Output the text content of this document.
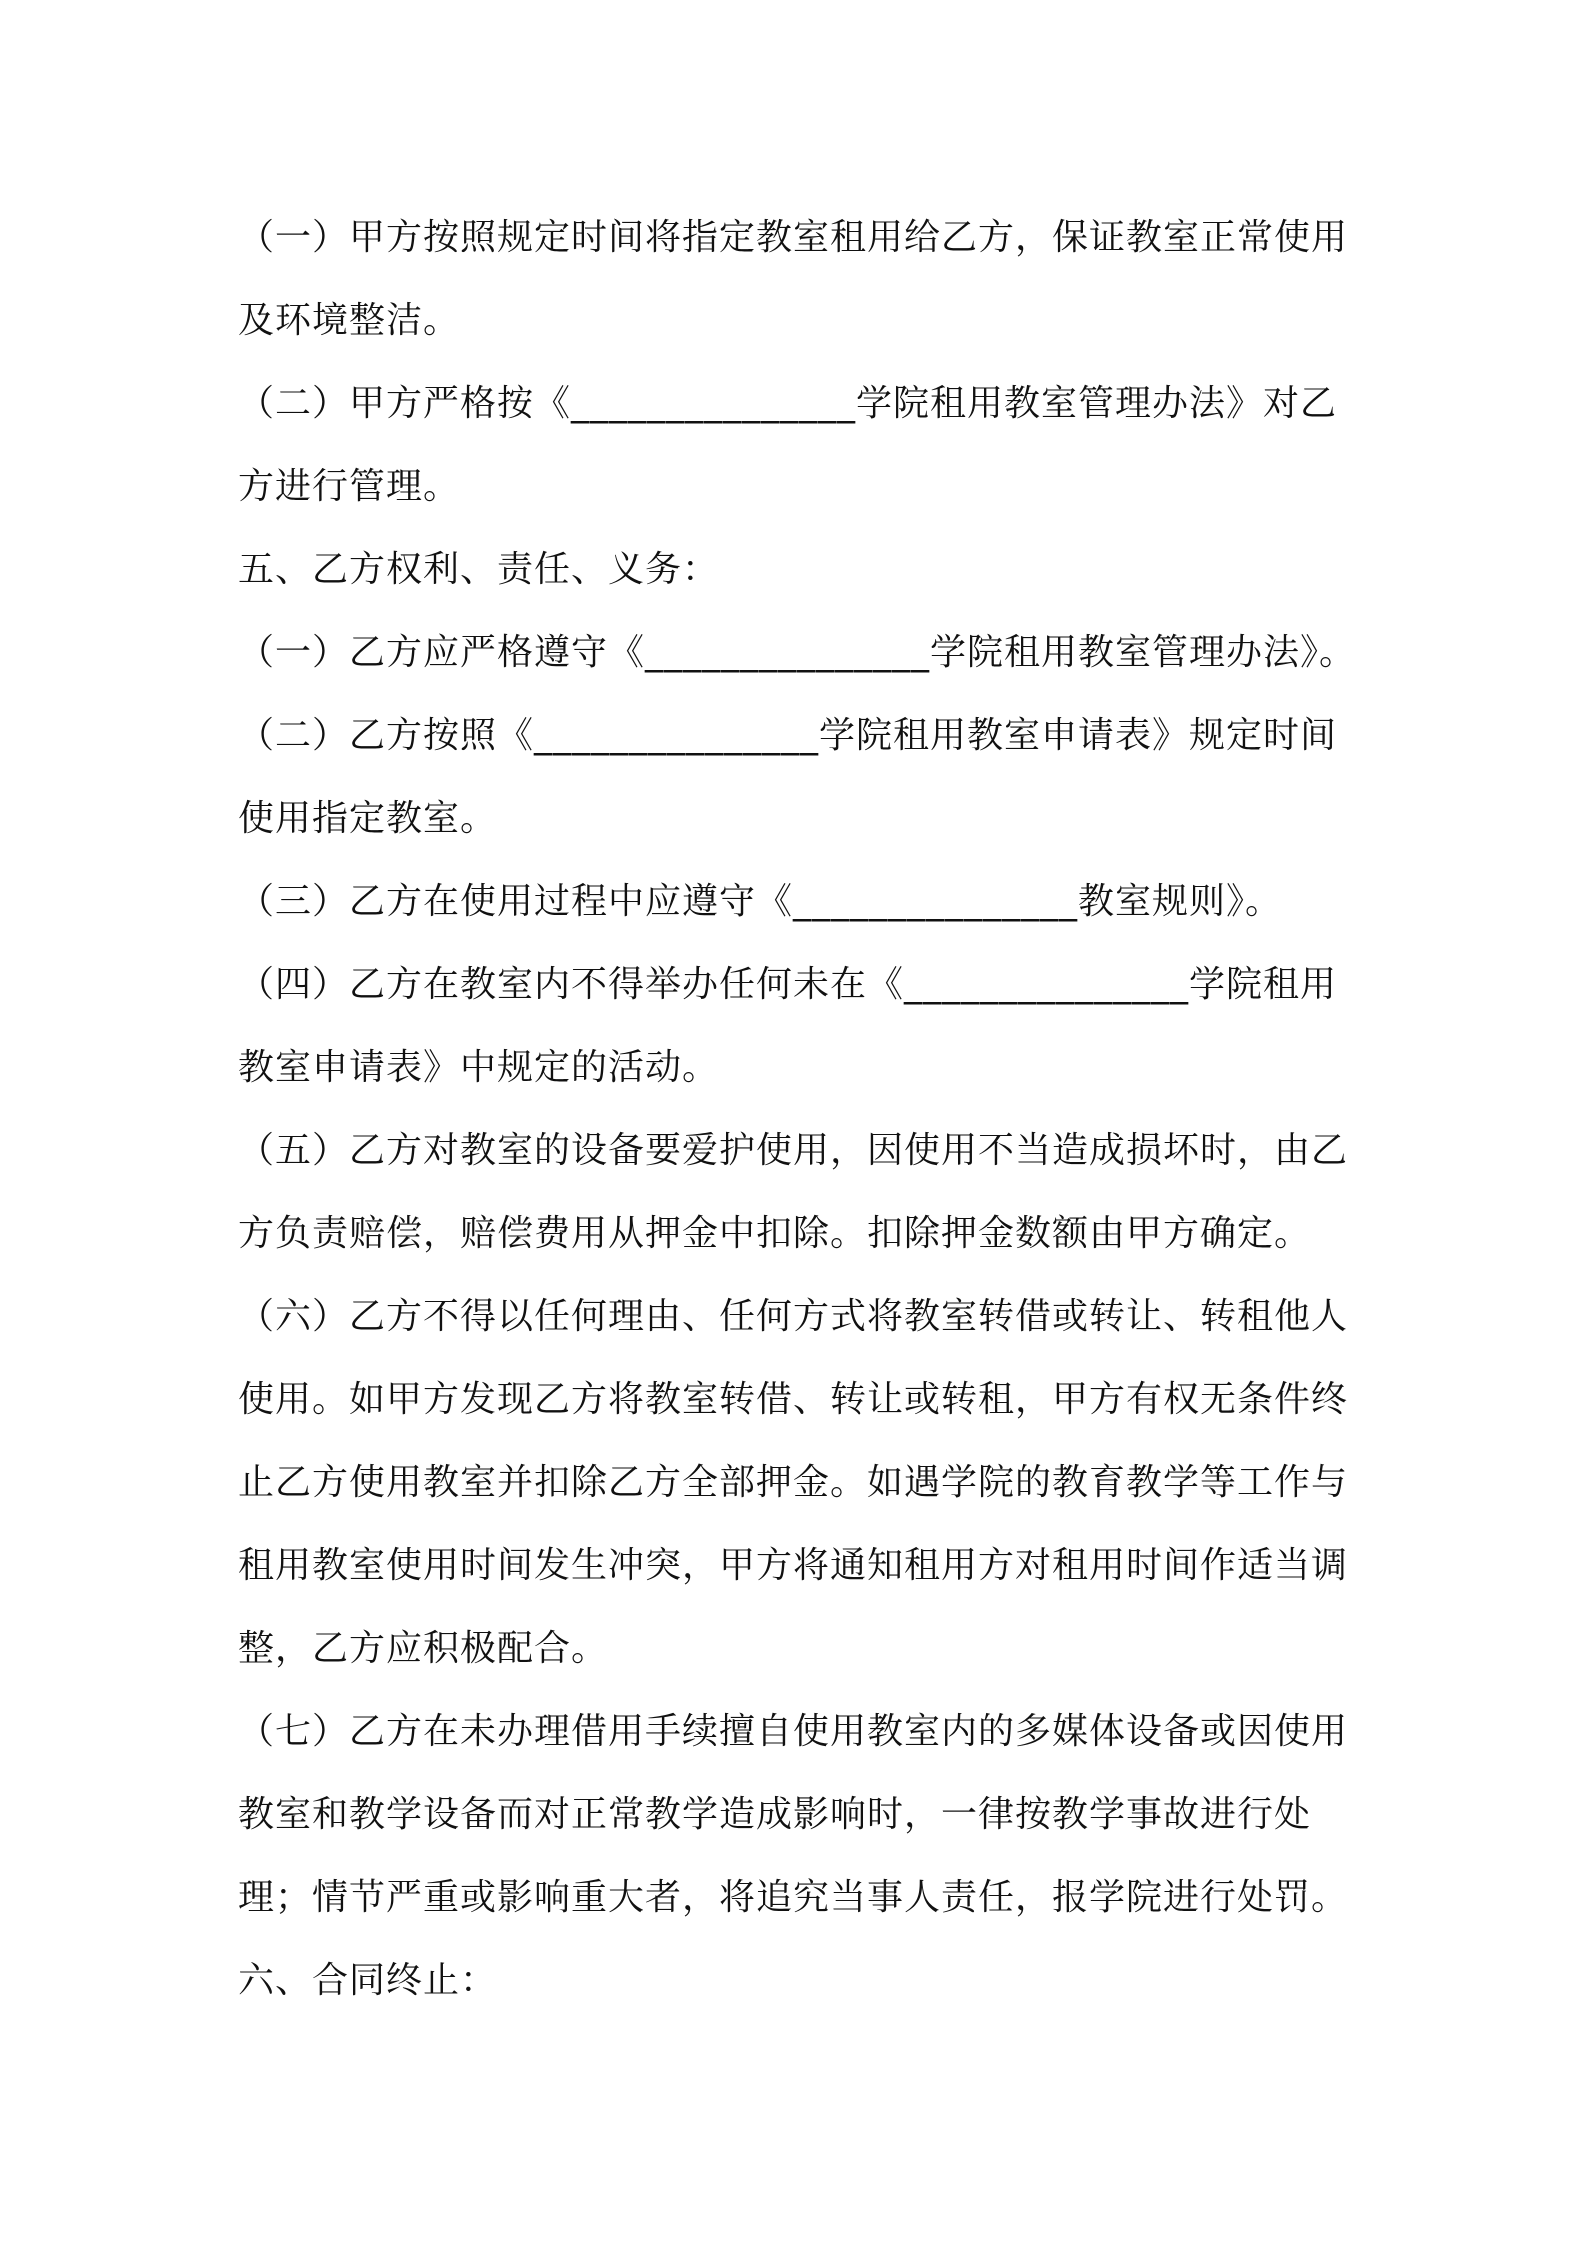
（一）甲方按照规定时间将指定教室租用给乙方，保证教室正常使用及环境整洁。

（二）甲方严格按《_______________学院租用教室管理办法》对乙方进行管理。

五、乙方权利、责任、义务：

（一）乙方应严格遵守《_______________学院租用教室管理办法》。

（二）乙方按照《_______________学院租用教室申请表》规定时间使用指定教室。

（三）乙方在使用过程中应遵守《_______________教室规则》。

（四）乙方在教室内不得举办任何未在《_______________学院租用教室申请表》中规定的活动。

（五）乙方对教室的设备要爱护使用，因使用不当造成损坏时，由乙方负责赔偿，赔偿费用从押金中扣除。扣除押金数额由甲方确定。

（六）乙方不得以任何理由、任何方式将教室转借或转让、转租他人使用。如甲方发现乙方将教室转借、转让或转租，甲方有权无条件终止乙方使用教室并扣除乙方全部押金。如遇学院的教育教学等工作与租用教室使用时间发生冲突，甲方将通知租用方对租用时间作适当调整，乙方应积极配合。

（七）乙方在未办理借用手续擅自使用教室内的多媒体设备或因使用教室和教学设备而对正常教学造成影响时，一律按教学事故进行处理；情节严重或影响重大者，将追究当事人责任，报学院进行处罚。

六、合同终止：
